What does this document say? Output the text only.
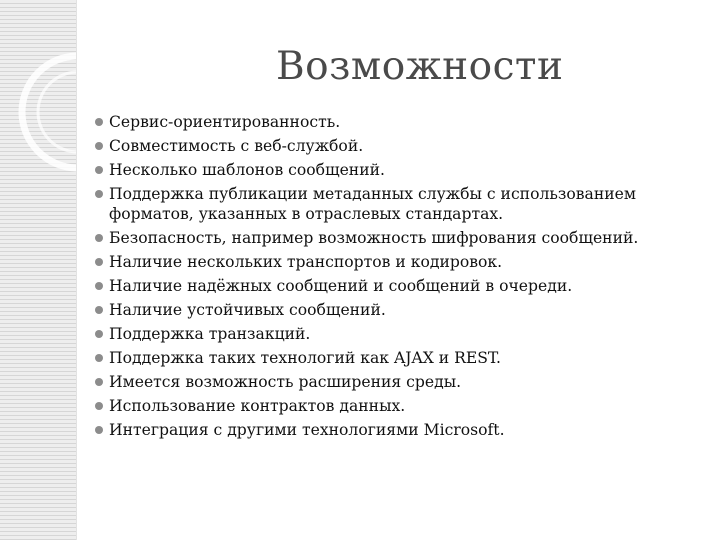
Возможности
Сервис-ориентированность.
Совместимость с веб-службой.
Несколько шаблонов сообщений.
Поддержка публикации метаданных службы с использованием форматов, указанных в отраслевых стандартах.
Безопасность, например возможность шифрования сообщений.
Наличие нескольких транспортов и кодировок.
Наличие надёжных сообщений и сообщений в очереди.
Наличие устойчивых сообщений.
Поддержка транзакций.
Поддержка таких технологий как AJAX и REST.
Имеется возможность расширения среды.
Использование контрактов данных.
Интеграция с другими технологиями Microsoft.
